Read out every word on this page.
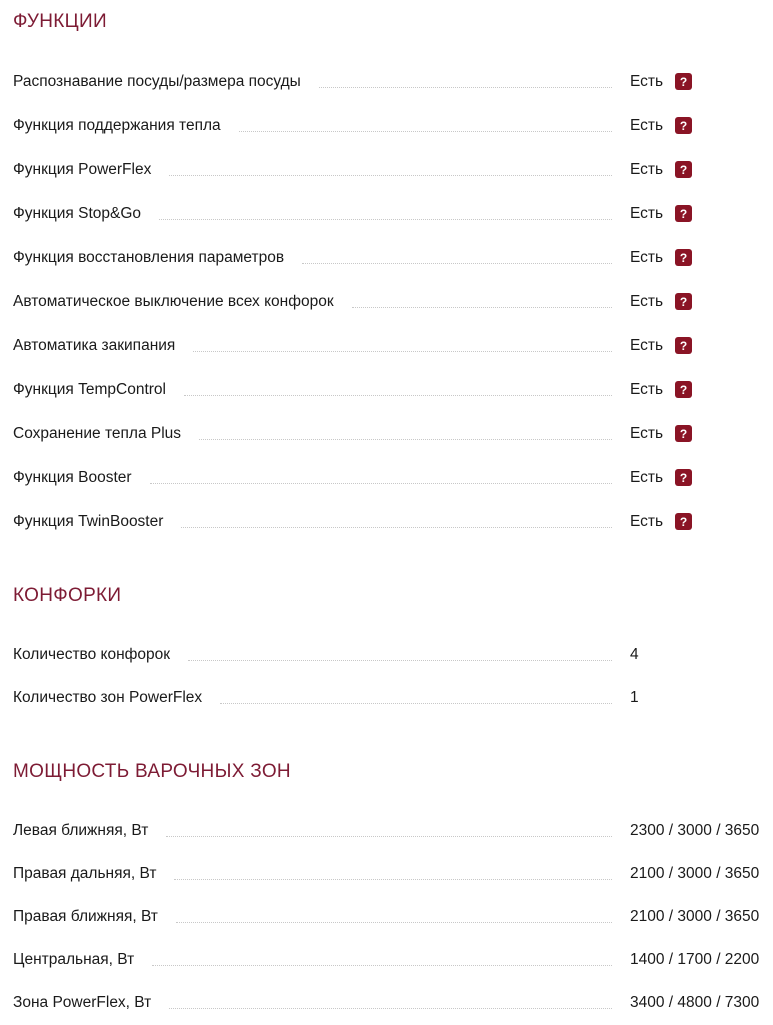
ФУНКЦИИ
Распознавание посуды/размера посуды	Есть	?
Функция поддержания тепла	Есть	?
Функция PowerFlex	Есть	?
Функция Stop&Go	Есть	?
Функция восстановления параметров	Есть	?
Автоматическое выключение всех конфорок	Есть	?
Автоматика закипания	Есть	?
Функция TempControl	Есть	?
Сохранение тепла Plus	Есть	?
Функция Booster	Есть	?
Функция TwinBooster	Есть	?
КОНФОРКИ
Количество конфорок	4
Количество зон PowerFlex	1
МОЩНОСТЬ ВАРОЧНЫХ ЗОН
Левая ближняя, Вт	2300 / 3000 / 3650
Правая дальняя, Вт	2100 / 3000 / 3650
Правая ближняя, Вт	2100 / 3000 / 3650
Центральная, Вт	1400 / 1700 / 2200
Зона PowerFlex, Вт	3400 / 4800 / 7300
